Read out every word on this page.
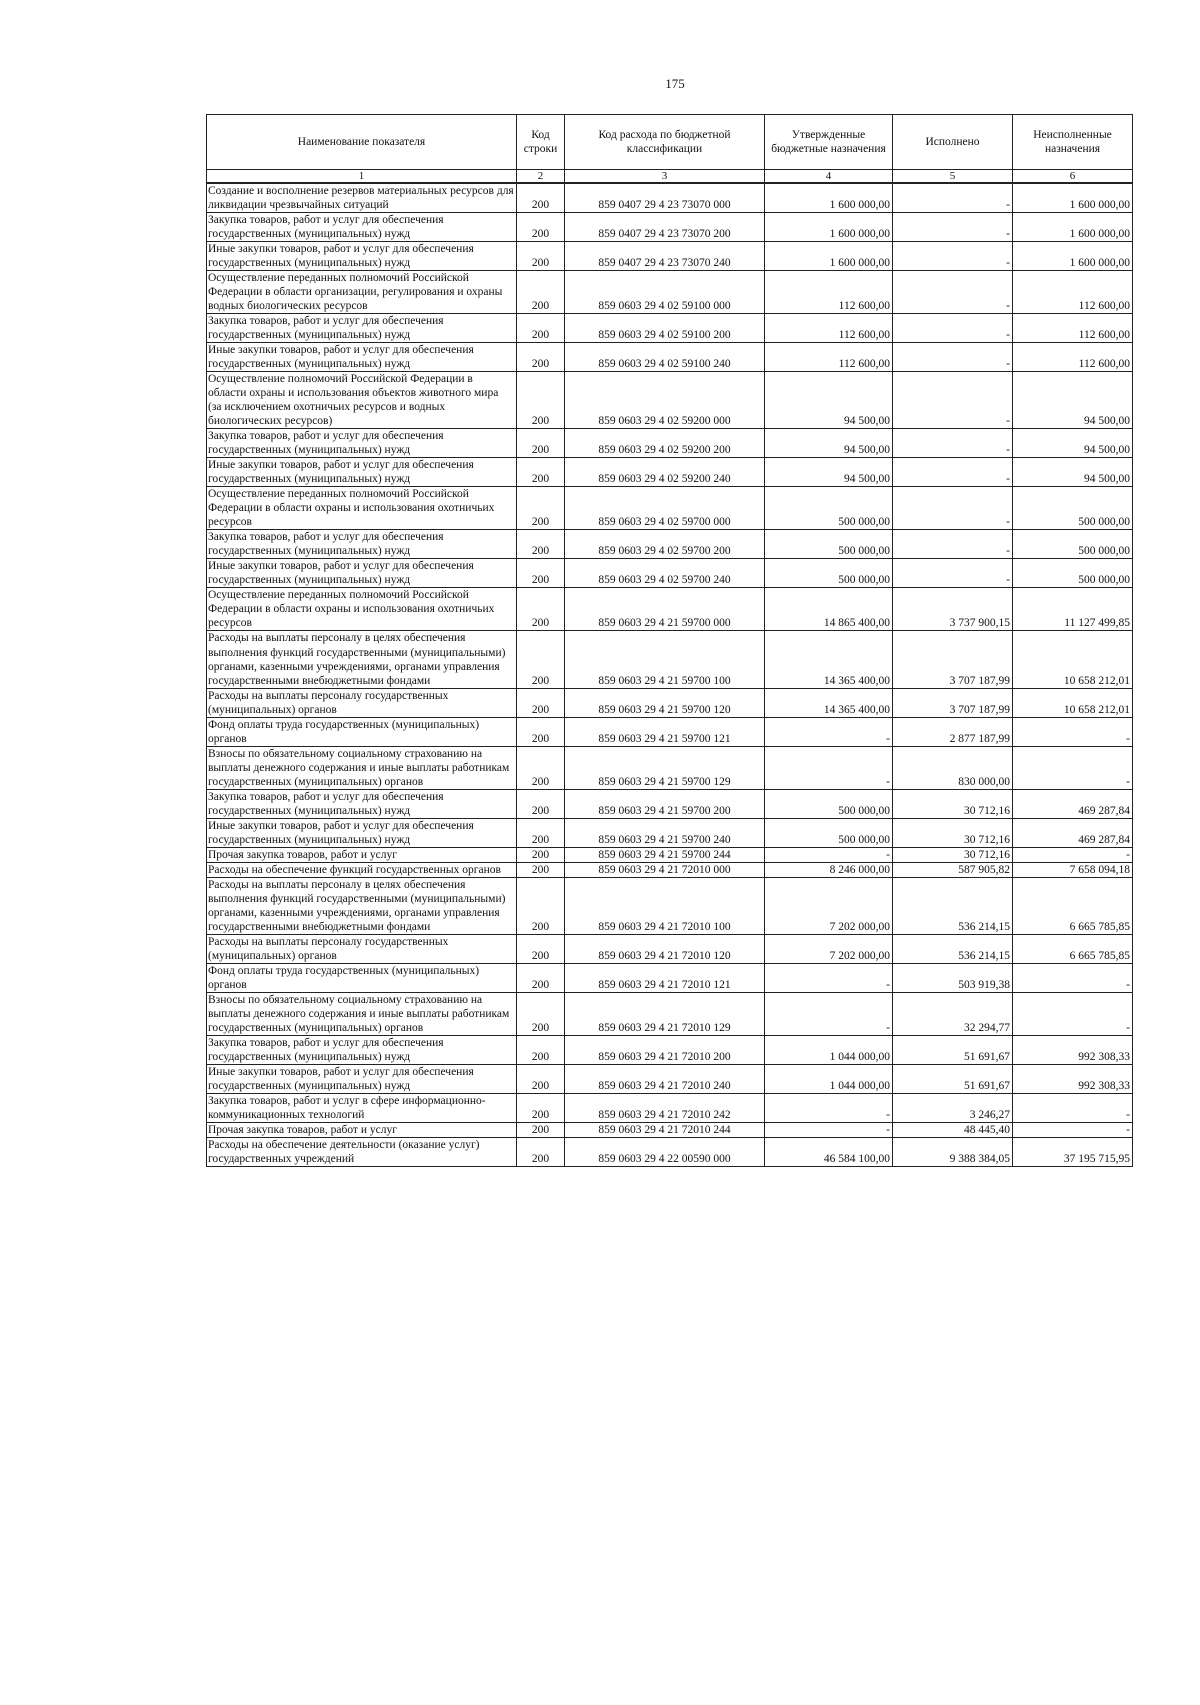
175
Наименование показателя	Код строки	Код расхода по бюджетной классификации	Утвержденные бюджетные назначения	Исполнено	Неисполненные назначения
1	2	3	4	5	6
Создание и восполнение резервов материальных ресурсов для ликвидации чрезвычайных ситуаций	200	859 0407 29 4 23 73070 000	1 600 000,00	-	1 600 000,00
Закупка товаров, работ и услуг для обеспечения государственных (муниципальных) нужд	200	859 0407 29 4 23 73070 200	1 600 000,00	-	1 600 000,00
Иные закупки товаров, работ и услуг для обеспечения государственных (муниципальных) нужд	200	859 0407 29 4 23 73070 240	1 600 000,00	-	1 600 000,00
Осуществление переданных полномочий Российской Федерации в области организации, регулирования и охраны водных биологических ресурсов	200	859 0603 29 4 02 59100 000	112 600,00	-	112 600,00
Закупка товаров, работ и услуг для обеспечения государственных (муниципальных) нужд	200	859 0603 29 4 02 59100 200	112 600,00	-	112 600,00
Иные закупки товаров, работ и услуг для обеспечения государственных (муниципальных) нужд	200	859 0603 29 4 02 59100 240	112 600,00	-	112 600,00
Осуществление полномочий Российской Федерации в области охраны и использования объектов животного мира (за исключением охотничьих ресурсов и водных биологических ресурсов)	200	859 0603 29 4 02 59200 000	94 500,00	-	94 500,00
Закупка товаров, работ и услуг для обеспечения государственных (муниципальных) нужд	200	859 0603 29 4 02 59200 200	94 500,00	-	94 500,00
Иные закупки товаров, работ и услуг для обеспечения государственных (муниципальных) нужд	200	859 0603 29 4 02 59200 240	94 500,00	-	94 500,00
Осуществление переданных полномочий Российской Федерации в области охраны и использования охотничьих ресурсов	200	859 0603 29 4 02 59700 000	500 000,00	-	500 000,00
Закупка товаров, работ и услуг для обеспечения государственных (муниципальных) нужд	200	859 0603 29 4 02 59700 200	500 000,00	-	500 000,00
Иные закупки товаров, работ и услуг для обеспечения государственных (муниципальных) нужд	200	859 0603 29 4 02 59700 240	500 000,00	-	500 000,00
Осуществление переданных полномочий Российской Федерации в области охраны и использования охотничьих ресурсов	200	859 0603 29 4 21 59700 000	14 865 400,00	3 737 900,15	11 127 499,85
Расходы на выплаты персоналу в целях обеспечения выполнения функций государственными (муниципальными) органами, казенными учреждениями, органами управления государственными внебюджетными фондами	200	859 0603 29 4 21 59700 100	14 365 400,00	3 707 187,99	10 658 212,01
Расходы на выплаты персоналу государственных (муниципальных) органов	200	859 0603 29 4 21 59700 120	14 365 400,00	3 707 187,99	10 658 212,01
Фонд оплаты труда государственных (муниципальных) органов	200	859 0603 29 4 21 59700 121	-	2 877 187,99	-
Взносы по обязательному социальному страхованию на выплаты денежного содержания и иные выплаты работникам государственных (муниципальных) органов	200	859 0603 29 4 21 59700 129	-	830 000,00	-
Закупка товаров, работ и услуг для обеспечения государственных (муниципальных) нужд	200	859 0603 29 4 21 59700 200	500 000,00	30 712,16	469 287,84
Иные закупки товаров, работ и услуг для обеспечения государственных (муниципальных) нужд	200	859 0603 29 4 21 59700 240	500 000,00	30 712,16	469 287,84
Прочая закупка товаров, работ и услуг	200	859 0603 29 4 21 59700 244	-	30 712,16	-
Расходы на обеспечение функций государственных органов	200	859 0603 29 4 21 72010 000	8 246 000,00	587 905,82	7 658 094,18
Расходы на выплаты персоналу в целях обеспечения выполнения функций государственными (муниципальными) органами, казенными учреждениями, органами управления государственными внебюджетными фондами	200	859 0603 29 4 21 72010 100	7 202 000,00	536 214,15	6 665 785,85
Расходы на выплаты персоналу государственных (муниципальных) органов	200	859 0603 29 4 21 72010 120	7 202 000,00	536 214,15	6 665 785,85
Фонд оплаты труда государственных (муниципальных) органов	200	859 0603 29 4 21 72010 121	-	503 919,38	-
Взносы по обязательному социальному страхованию на выплаты денежного содержания и иные выплаты работникам государственных (муниципальных) органов	200	859 0603 29 4 21 72010 129	-	32 294,77	-
Закупка товаров, работ и услуг для обеспечения государственных (муниципальных) нужд	200	859 0603 29 4 21 72010 200	1 044 000,00	51 691,67	992 308,33
Иные закупки товаров, работ и услуг для обеспечения государственных (муниципальных) нужд	200	859 0603 29 4 21 72010 240	1 044 000,00	51 691,67	992 308,33
Закупка товаров, работ и услуг в сфере информационно-коммуникационных технологий	200	859 0603 29 4 21 72010 242	-	3 246,27	-
Прочая закупка товаров, работ и услуг	200	859 0603 29 4 21 72010 244	-	48 445,40	-
Расходы на обеспечение деятельности (оказание услуг) государственных учреждений	200	859 0603 29 4 22 00590 000	46 584 100,00	9 388 384,05	37 195 715,95
